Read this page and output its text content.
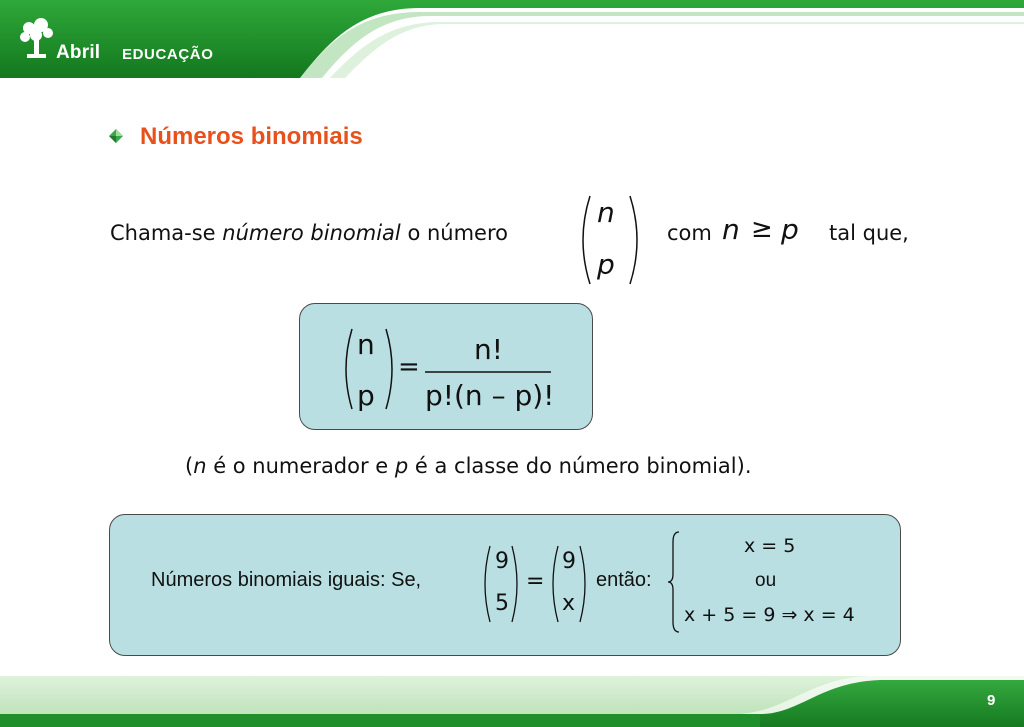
Abril EDUCAÇÃO
Números binomiais
Chama-se número binomial o número
n
p
com n ≥ p tal que,
n
p
=
n!
p!(n – p)!
(n é o numerador e p é a classe do número binomial).
Números binomiais iguais: Se,
9
5
=
9
x
então:
x = 5
ou
x + 5 = 9 ⇒ x = 4
9
